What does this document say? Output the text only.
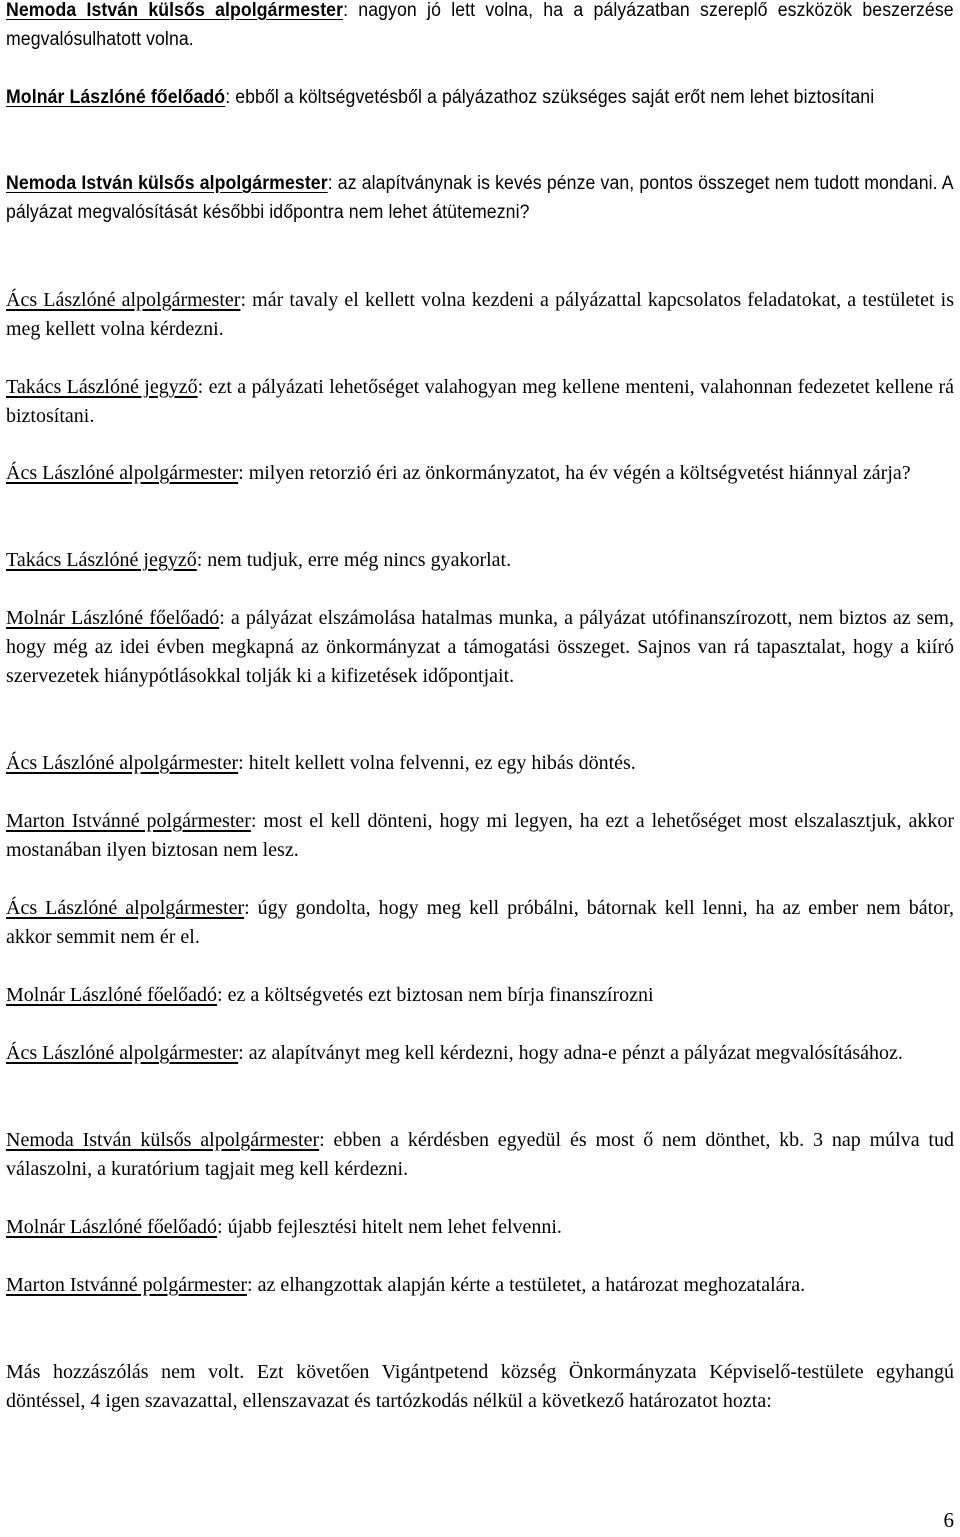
Nemoda István külsős alpolgármester: nagyon jó lett volna, ha a pályázatban szereplő eszközök beszerzése megvalósulhatott volna.

Molnár Lászlóné főelőadó: ebből a költségvetésből a pályázathoz szükséges saját erőt nem lehet biztosítani

Nemoda István külsős alpolgármester: az alapítványnak is kevés pénze van, pontos összeget nem tudott mondani. A pályázat megvalósítását későbbi időpontra nem lehet átütemezni?

Ács Lászlóné alpolgármester: már tavaly el kellett volna kezdeni a pályázattal kapcsolatos feladatokat, a testületet is meg kellett volna kérdezni.

Takács Lászlóné jegyző: ezt a pályázati lehetőséget valahogyan meg kellene menteni, valahonnan fedezetet kellene rá biztosítani.

Ács Lászlóné alpolgármester: milyen retorzió éri az önkormányzatot, ha év végén a költségvetést hiánnyal zárja?

Takács Lászlóné jegyző: nem tudjuk, erre még nincs gyakorlat.

Molnár Lászlóné főelőadó: a pályázat elszámolása hatalmas munka, a pályázat utófinanszírozott, nem biztos az sem, hogy még az idei évben megkapná az önkormányzat a támogatási összeget. Sajnos van rá tapasztalat, hogy a kiíró szervezetek hiánypótlásokkal tolják ki a kifizetések időpontjait.

Ács Lászlóné alpolgármester: hitelt kellett volna felvenni, ez egy hibás döntés.

Marton Istvánné polgármester: most el kell dönteni, hogy mi legyen, ha ezt a lehetőséget most elszalasztjuk, akkor mostanában ilyen biztosan nem lesz.

Ács Lászlóné alpolgármester: úgy gondolta, hogy meg kell próbálni, bátornak kell lenni, ha az ember nem bátor, akkor semmit nem ér el.

Molnár Lászlóné főelőadó: ez a költségvetés ezt biztosan nem bírja finanszírozni

Ács Lászlóné alpolgármester: az alapítványt meg kell kérdezni, hogy adna-e pénzt a pályázat megvalósításához.

Nemoda István külsős alpolgármester: ebben a kérdésben egyedül és most ő nem dönthet, kb. 3 nap múlva tud válaszolni, a kuratórium tagjait meg kell kérdezni.

Molnár Lászlóné főelőadó: újabb fejlesztési hitelt nem lehet felvenni.

Marton Istvánné polgármester: az elhangzottak alapján kérte a testületet, a határozat meghozatalára.

Más hozzászólás nem volt. Ezt követően Vigántpetend község Önkormányzata Képviselő-testülete egyhangú döntéssel, 4 igen szavazattal, ellenszavazat és tartózkodás nélkül a következő határozatot hozta:

6
